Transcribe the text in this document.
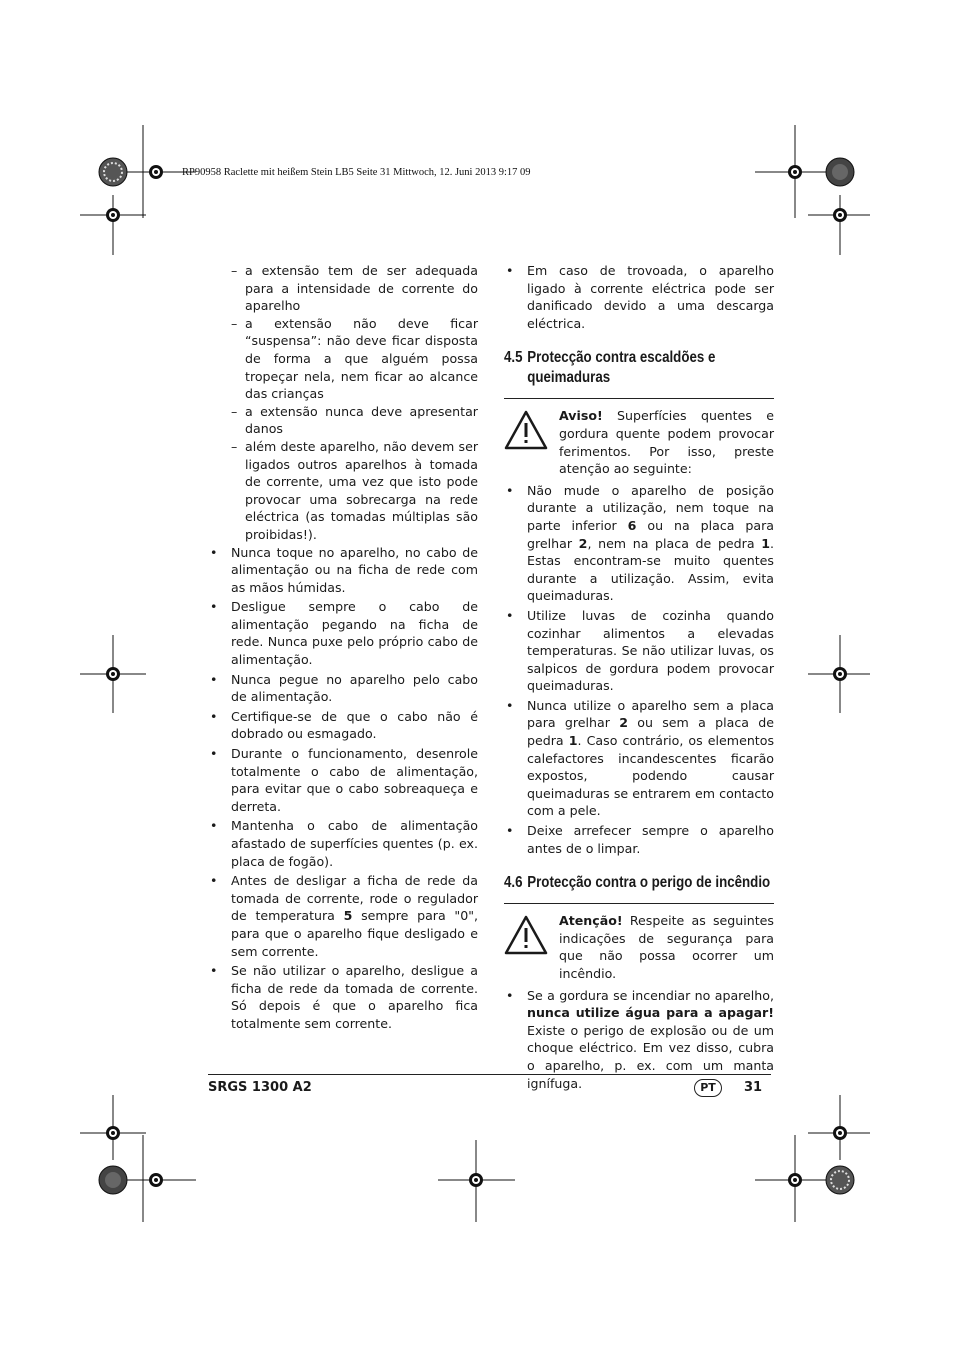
RP90958 Raclette mit heißem Stein LB5 Seite 31 Mittwoch, 12. Juni 2013 9:17 09
– a extensão tem de ser adequada para a intensidade de corrente do aparelho
– a extensão não deve ficar “suspensa”: não deve ficar disposta de forma a que alguém possa tropeçar nela, nem ficar ao alcance das crianças
– a extensão nunca deve apresentar danos
– além deste aparelho, não devem ser ligados outros aparelhos à tomada de corrente, uma vez que isto pode provocar uma sobrecarga na rede eléctrica (as tomadas múltiplas são proibidas!).
• Nunca toque no aparelho, no cabo de alimentação ou na ficha de rede com as mãos húmidas.
• Desligue sempre o cabo de alimentação pegando na ficha de rede. Nunca puxe pelo próprio cabo de alimentação.
• Nunca pegue no aparelho pelo cabo de alimentação.
• Certifique-se de que o cabo não é dobrado ou esmagado.
• Durante o funcionamento, desenrole totalmente o cabo de alimentação, para evitar que o cabo sobreaqueça e derreta.
• Mantenha o cabo de alimentação afastado de superfícies quentes (p. ex. placa de fogão).
• Antes de desligar a ficha de rede da tomada de corrente, rode o regulador de temperatura 5 sempre para "0", para que o aparelho fique desligado e sem corrente.
• Se não utilizar o aparelho, desligue a ficha de rede da tomada de corrente. Só depois é que o aparelho fica totalmente sem corrente.
• Em caso de trovoada, o aparelho ligado à corrente eléctrica pode ser danificado devido a uma descarga eléctrica.
4.5 Protecção contra escaldões e queimaduras
Aviso! Superfícies quentes e gordura quente podem provocar ferimentos. Por isso, preste atenção ao seguinte:
• Não mude o aparelho de posição durante a utilização, nem toque na parte inferior 6 ou na placa para grelhar 2, nem na placa de pedra 1. Estas encontram-se muito quentes durante a utilização. Assim, evita queimaduras.
• Utilize luvas de cozinha quando cozinhar alimentos a elevadas temperaturas. Se não utilizar luvas, os salpicos de gordura podem provocar queimaduras.
• Nunca utilize o aparelho sem a placa para grelhar 2 ou sem a placa de pedra 1. Caso contrário, os elementos calefactores incandescentes ficarão expostos, podendo causar queimaduras se entrarem em contacto com a pele.
• Deixe arrefecer sempre o aparelho antes de o limpar.
4.6 Protecção contra o perigo de incêndio
Atenção! Respeite as seguintes indicações de segurança para que não possa ocorrer um incêndio.
• Se a gordura se incendiar no aparelho, nunca utilize água para a apagar! Existe o perigo de explosão ou de um choque eléctrico. Em vez disso, cubra o aparelho, p. ex. com um manta ignífuga.
SRGS 1300 A2	PT	31
